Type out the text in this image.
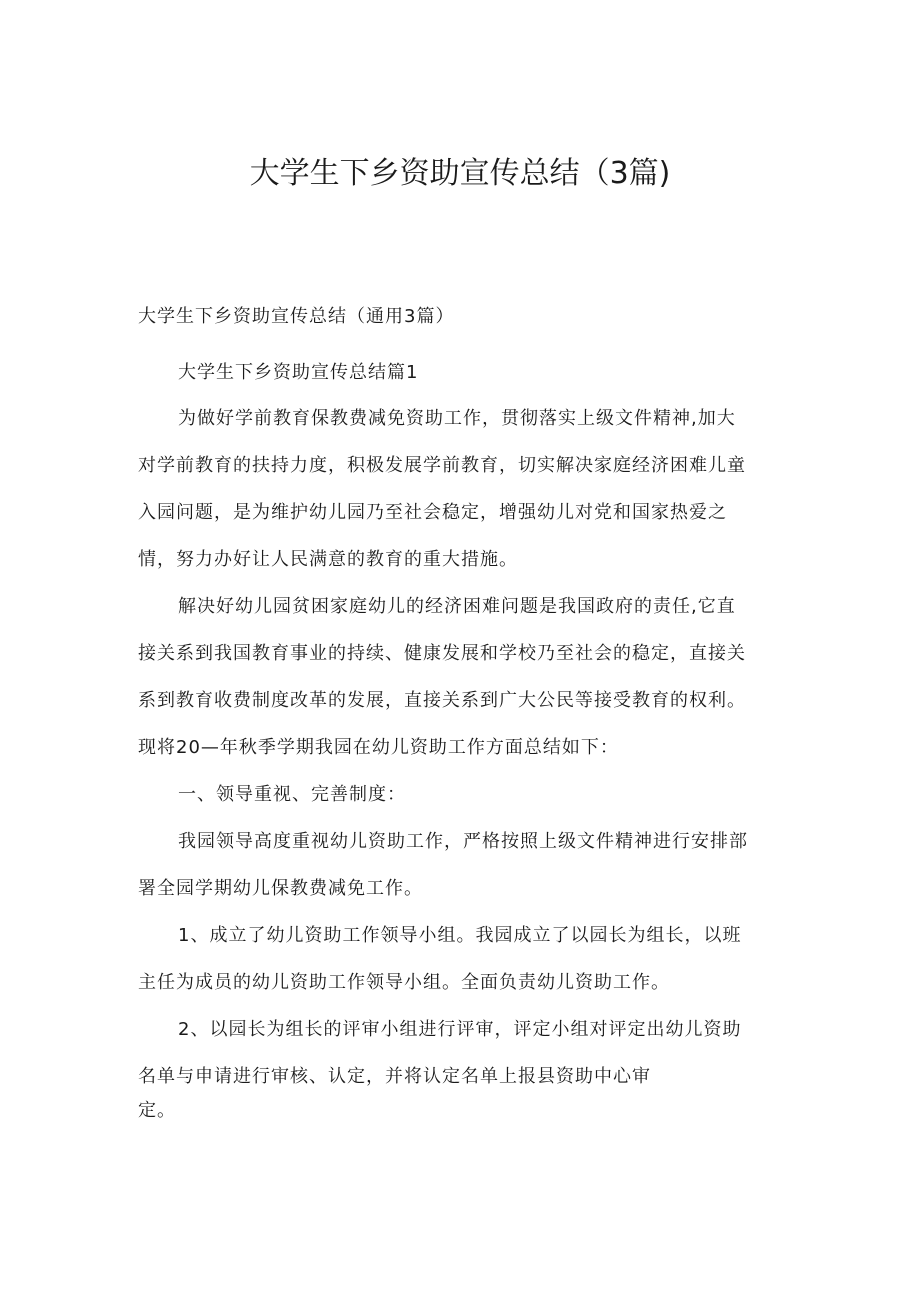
大学生下乡资助宣传总结（3篇)

大学生下乡资助宣传总结（通用3篇）

大学生下乡资助宣传总结篇1

为做好学前教育保教费减免资助工作，贯彻落实上级文件精神,加大

对学前教育的扶持力度，积极发展学前教育，切实解决家庭经济困难儿童

入园问题，是为维护幼儿园乃至社会稳定，增强幼儿对党和国家热爱之

情，努力办好让人民满意的教育的重大措施。

解决好幼儿园贫困家庭幼儿的经济困难问题是我国政府的责任,它直

接关系到我国教育事业的持续、健康发展和学校乃至社会的稳定，直接关

系到教育收费制度改革的发展，直接关系到广大公民等接受教育的权利。

现将20—年秋季学期我园在幼儿资助工作方面总结如下：

一、领导重视、完善制度：

我园领导高度重视幼儿资助工作，严格按照上级文件精神进行安排部

署全园学期幼儿保教费减免工作。

1、成立了幼儿资助工作领导小组。我园成立了以园长为组长，以班

主任为成员的幼儿资助工作领导小组。全面负责幼儿资助工作。

2、以园长为组长的评审小组进行评审，评定小组对评定出幼儿资助

名单与申请进行审核、认定，并将认定名单上报县资助中心审

定。
